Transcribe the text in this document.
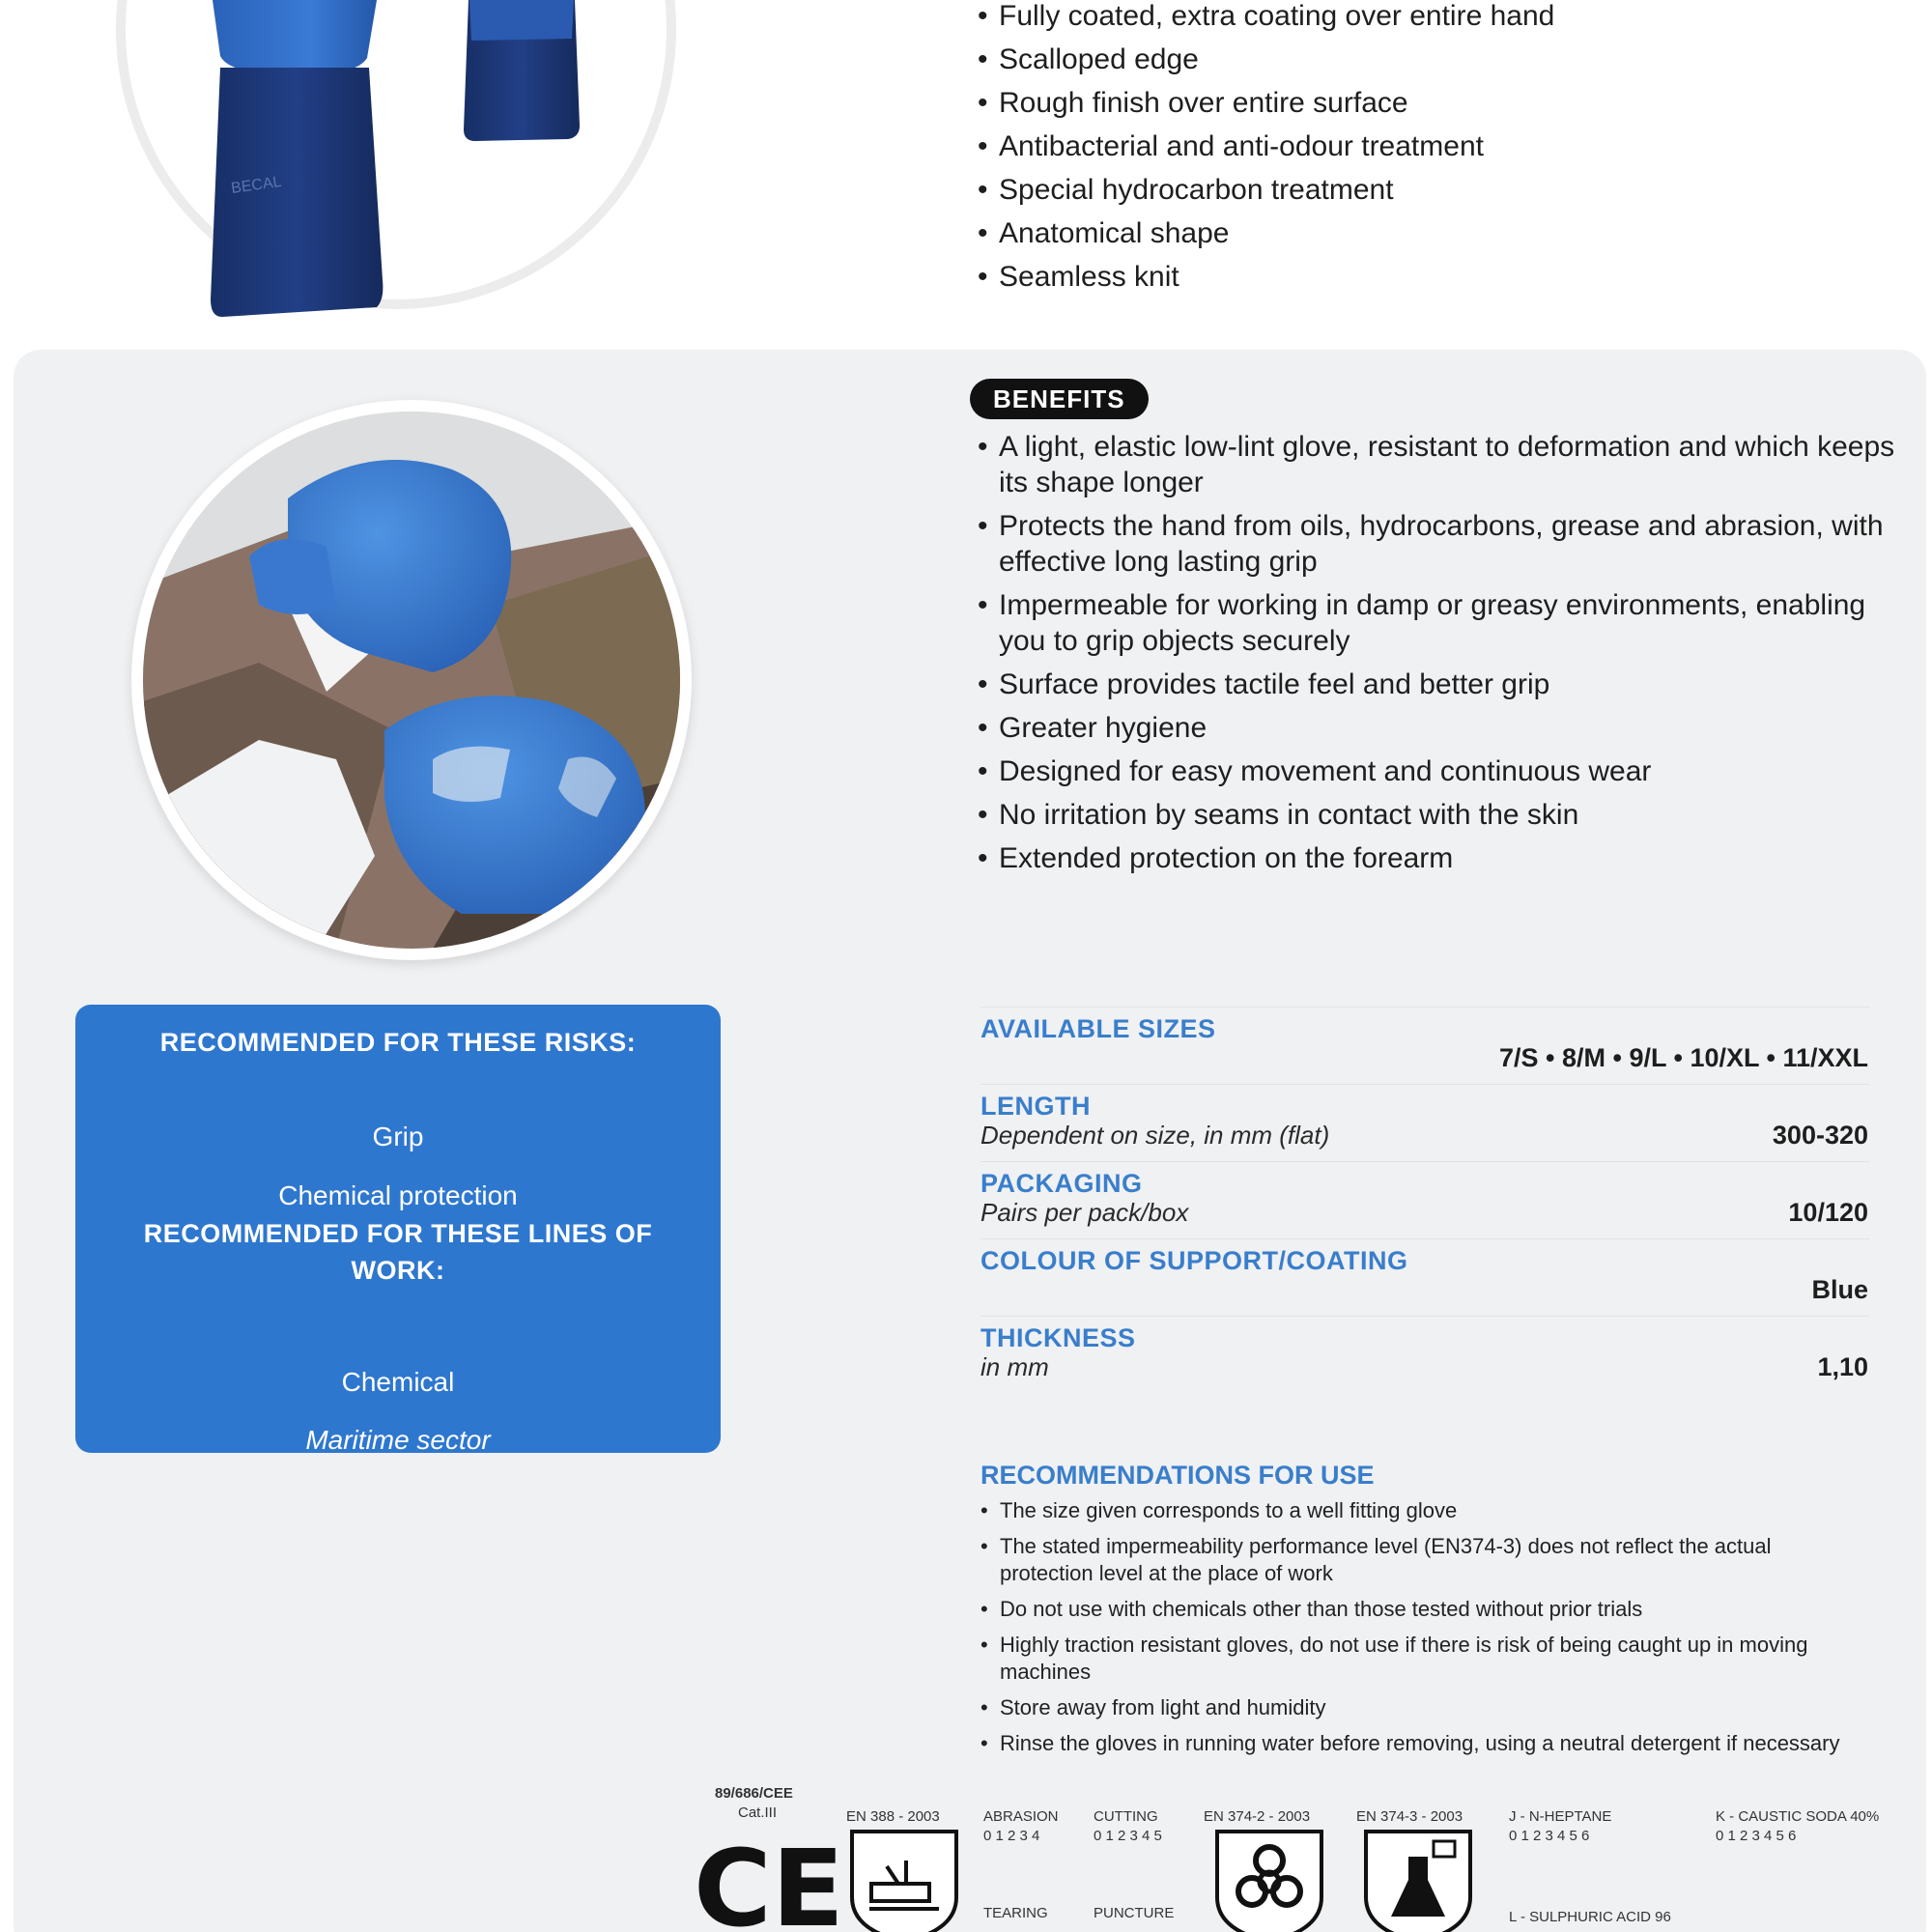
BECAL
• Fully coated, extra coating over entire hand
• Scalloped edge
• Rough finish over entire surface
• Antibacterial and anti-odour treatment
• Special hydrocarbon treatment
• Anatomical shape
• Seamless knit
BENEFITS
• A light, elastic low-lint glove, resistant to deformation and which keeps its shape longer
• Protects the hand from oils, hydrocarbons, grease and abrasion, with effective long lasting grip
• Impermeable for working in damp or greasy environments, enabling you to grip objects securely
• Surface provides tactile feel and better grip
• Greater hygiene
• Designed for easy movement and continuous wear
• No irritation by seams in contact with the skin
• Extended protection on the forearm
RECOMMENDED FOR THESE RISKS:
Grip
Chemical protection
RECOMMENDED FOR THESE LINES OF WORK:
Chemical
Maritime sector
AVAILABLE SIZES
7/S • 8/M • 9/L • 10/XL • 11/XXL
LENGTH
Dependent on size, in mm (flat)	300-320
PACKAGING
Pairs per pack/box	10/120
COLOUR OF SUPPORT/COATING
Blue
THICKNESS
in mm	1,10
RECOMMENDATIONS FOR USE
• The size given corresponds to a well fitting glove
• The stated impermeability performance level (EN374-3) does not reflect the actual protection level at the place of work
• Do not use with chemicals other than those tested without prior trials
• Highly traction resistant gloves, do not use if there is risk of being caught up in moving machines
• Store away from light and humidity
• Rinse the gloves in running water before removing, using a neutral detergent if necessary
89/686/CEE
Cat.III
CE
EN 388 - 2003	ABRASION
0 1 2 3 4
CUTTING
0 1 2 3 4 5
TEARING	PUNCTURE
EN 374-2 - 2003	EN 374-3 - 2003	J - N-HEPTANE
0 1 2 3 4 5 6
K - CAUSTIC SODA 40%
0 1 2 3 4 5 6
L - SULPHURIC ACID 96
